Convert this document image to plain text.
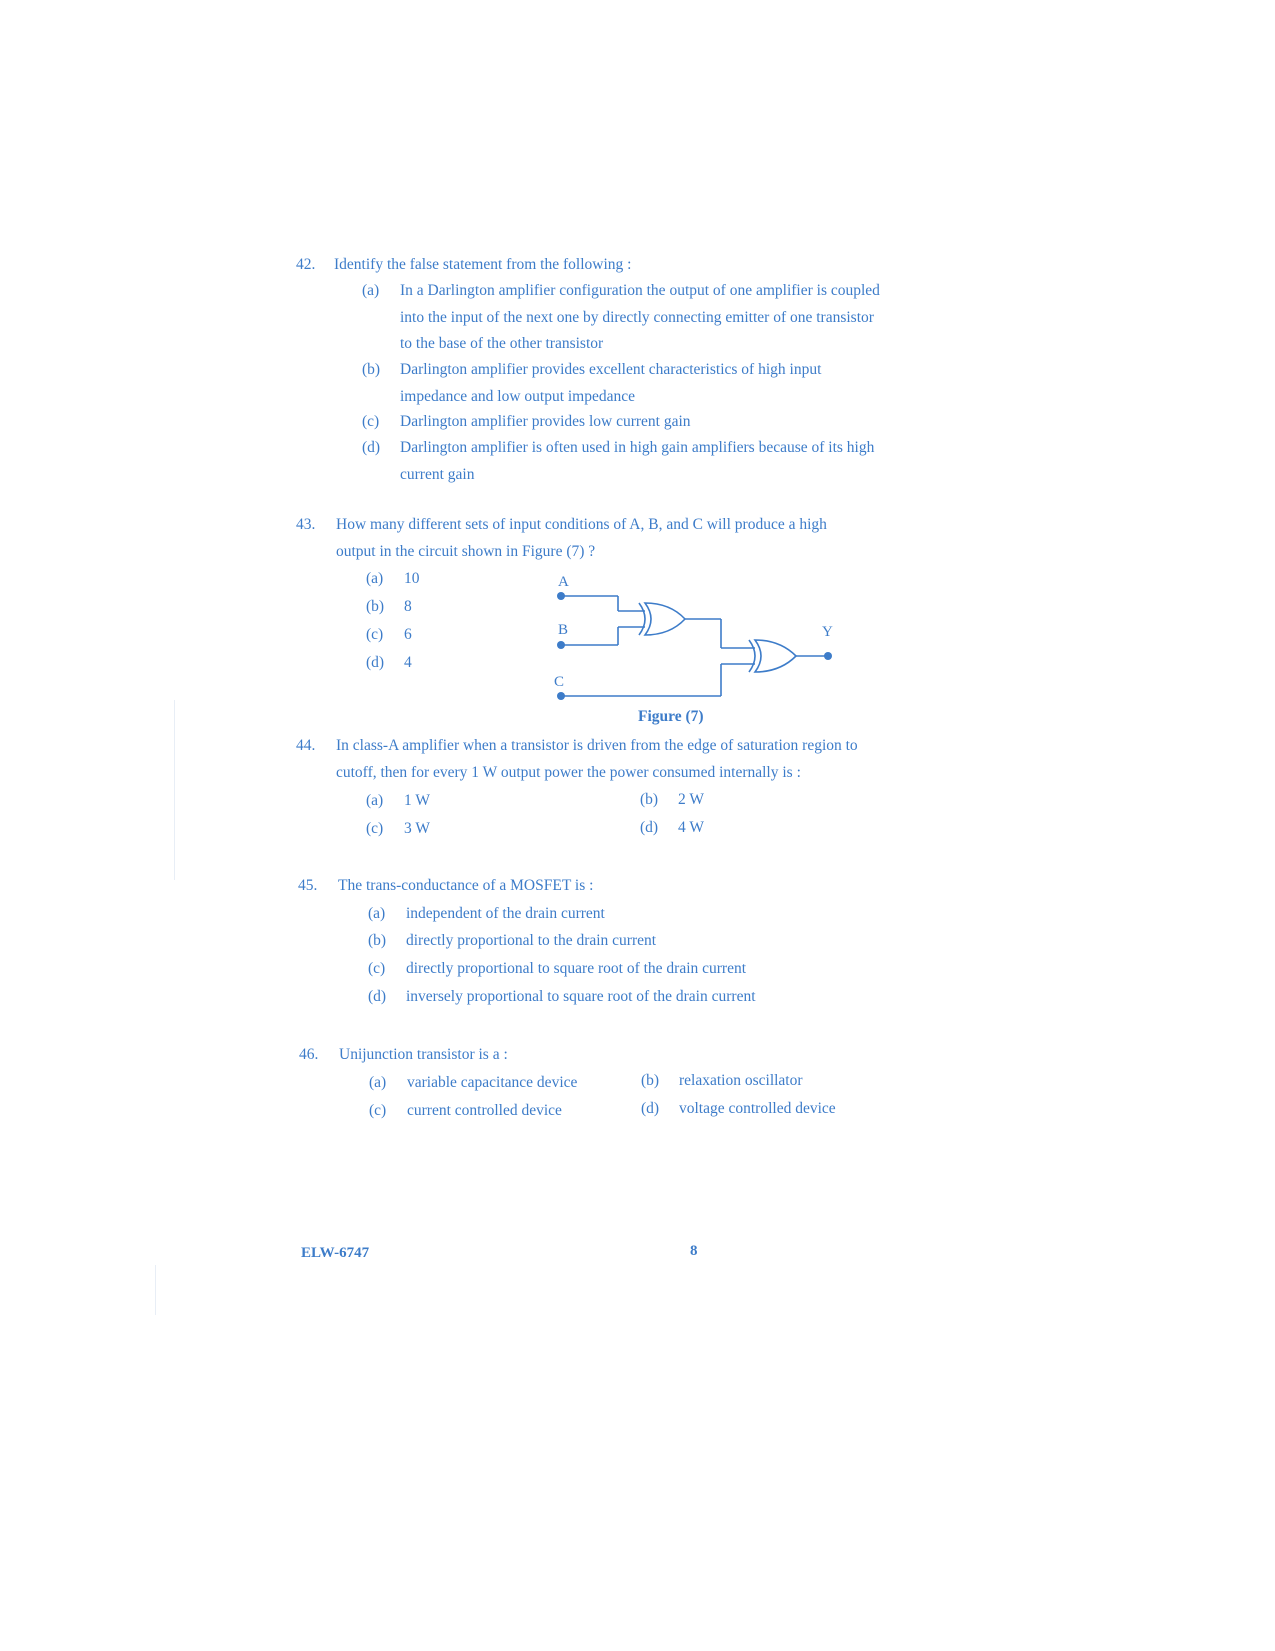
42. Identify the false statement from the following :
(a) In a Darlington amplifier configuration the output of one amplifier is coupled
into the input of the next one by directly connecting emitter of one transistor
to the base of the other transistor
(b) Darlington amplifier provides excellent characteristics of high input
impedance and low output impedance
(c) Darlington amplifier provides low current gain
(d) Darlington amplifier is often used in high gain amplifiers because of its high
current gain
43. How many different sets of input conditions of A, B, and C will produce a high
output in the circuit shown in Figure (7) ?
(a) 10
(b) 8
(c) 6
(d) 4
A
B
C
Y
Figure (7)
44. In class-A amplifier when a transistor is driven from the edge of saturation region to
cutoff, then for every 1 W output power the power consumed internally is :
(a) 1 W	(b) 2 W
(c) 3 W	(d) 4 W
45. The trans-conductance of a MOSFET is :
(a) independent of the drain current
(b) directly proportional to the drain current
(c) directly proportional to square root of the drain current
(d) inversely proportional to square root of the drain current
46. Unijunction transistor is a :
(a) variable capacitance device	(b) relaxation oscillator
(c) current controlled device	(d) voltage controlled device
ELW-6747	8
